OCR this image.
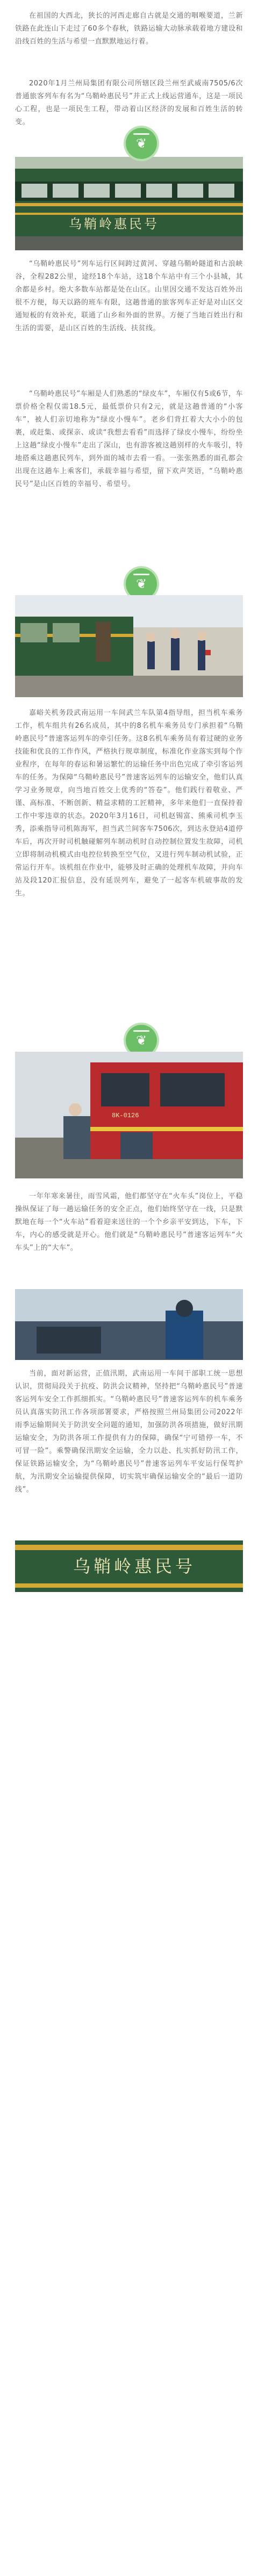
在祖国的大西北，狭长的河西走廊自古就是交通的咽喉要道，兰新铁路在此连山下走过了60多个春秋，铁路运输大动脉承载着地方建设和沿线百姓的生活与希望一直默默地运行着。

2020年1月兰州局集团有限公司所辖区段兰州至武威南7505/6次普通旅客列车有名为“乌鞘岭惠民号”并正式上线运营通车，这是一项民心工程，也是一项民生工程，带动着山区经济的发展和百姓生活的转变。

乌鞘岭惠民号
❦

“乌鞘岭惠民号”列车运行区间跨过黄河、穿越乌鞘岭隧道和古浪峡谷，全程282公里，途经18个车站，这18个车站中有三个小县城，其余都是乡村。绝大多数车站都是处在山区。山里因交通不发达百姓外出很不方便，每天以路的班车有限，这趟普通的旅客列车正好是对山区交通短板的有效补充，联通了山乡和外面的世界。方便了当地百姓出行和生活的需要，是山区百姓的生活线、扶贫线。

“乌鞘岭惠民号”车厢是人们熟悉的“绿皮车”，车厢仅有5或6节，车票价格全程仅需18.5元，最低票价只有2元，就是这趟普通的“小客车”，被人们亲切地称为“绿皮小慢车”。老乡们背扛着大大小小的包裹，或赶集、或探亲、或读“我想去看看”而选择了绿皮小慢车，纷纷坐上这趟“绿皮小慢车”走出了深山，也有游客被这趟别样的火车吸引，特地搭乘这趟惠民列车，到外面的城市去看一看。一张张熟悉的面孔都会出现在这趟车上乘客们，承载幸福与希望，留下欢声笑语，“乌鞘岭惠民号”是山区百姓的幸福号、希望号。

❦

嘉峪关机务段武南运用一车间武兰车队第4指导组，担当机车乘务工作，机车组共有26名成员，其中的8名机车乘务员专门承担着“乌鞘岭惠民号”普速客运列车的牵引任务。这8名机车乘务员有着过硬的业务技能和优良的工作作风，严格执行规章制度，标准化作业落实到每个作业程序，在每年的春运和暑运繁忙的运输任务中出色完成了牵引客运列车的任务。为保障“乌鞘岭惠民号”普速客运列车的运输安全，他们认真学习业务规章，向当地百姓交上优秀的“答卷”。他们践行着敬业、严谨、高标准、不断创新、精益求精的工匠精神，多年来他们一直保持着工作中零违章的状态。2020年3月16日，司机赵锡富、熊乘司机李玉秀，添乘指导司机陈海军，担当武兰间客车7506次，到达永登站4道停车后，再次开时司机触碰解列车制动机时自动控制位置发生故障，司机立即将制动机模式由电控位转换至空气位，又进行列车制动机试验，正常运行开车。该机组在作业中，能够及时正确的处理机车故障，并向车站及段120汇报信息，没有延误列车，避免了一起客车机破事故的发生。

❦
8K-0126

一年年寒来暑往，雨雪风霜，他们都坚守在“火车头”岗位上，平稳操纵保证了每一趟运输任务的安全正点，他们始终坚守在一线，只是默默地在每一个“火车站”看着迎来送往的一个个乡亲平安到达，下车，下车，内心的感受就是开心。他们就是“乌鞘岭惠民号”普速客运列车“火车头”上的“大车”。

当前，面对新运营，正值汛期，武南运用一车间干部职工统一思想认识，贯彻局段关于抗疫、防洪会议精神，坚持把“乌鞘岭惠民号”普速客运列车安全工作抓细抓实。“乌鞘岭惠民号”普速客运列车的机车乘务员认真落实防汛工作各项部署要求，严格按照兰州局集团公司2022年雨季运输期间关于防洪安全问题的通知，加强防洪各项措施，做好汛期运输安全，为防洪各项工作提供有力的保障，确保“宁可错停一车，不可冒一险”。乘警确保汛期安全运输，全力以赴、扎实抓好防汛工作，保证铁路运输安全，为“乌鞘岭惠民号”普速客运列车平安运行保驾护航，为汛期安全运输提供保障，切实筑牢确保运输安全的“最后一道防线”。

乌鞘岭惠民号
